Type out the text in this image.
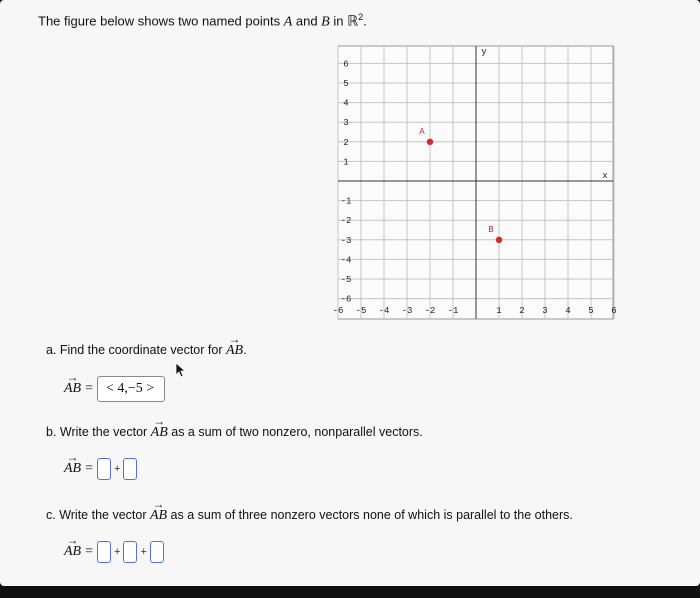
The figure below shows two named points A and B in ℝ$^2$.
-6 -5 -4 -3 -2 -1	1 2 3 4 5 6
6
5
4
3
2
1
-1
-2
-3
-4
-5
-6
y
x
A
B
a. Find the coordinate vector for → AB.
→ AB = < 4,−5 >
b. Write the vector → AB as a sum of two nonzero, nonparallel vectors.
→ AB = +
c. Write the vector → AB as a sum of three nonzero vectors none of which is parallel to the others.
→ AB = + +
